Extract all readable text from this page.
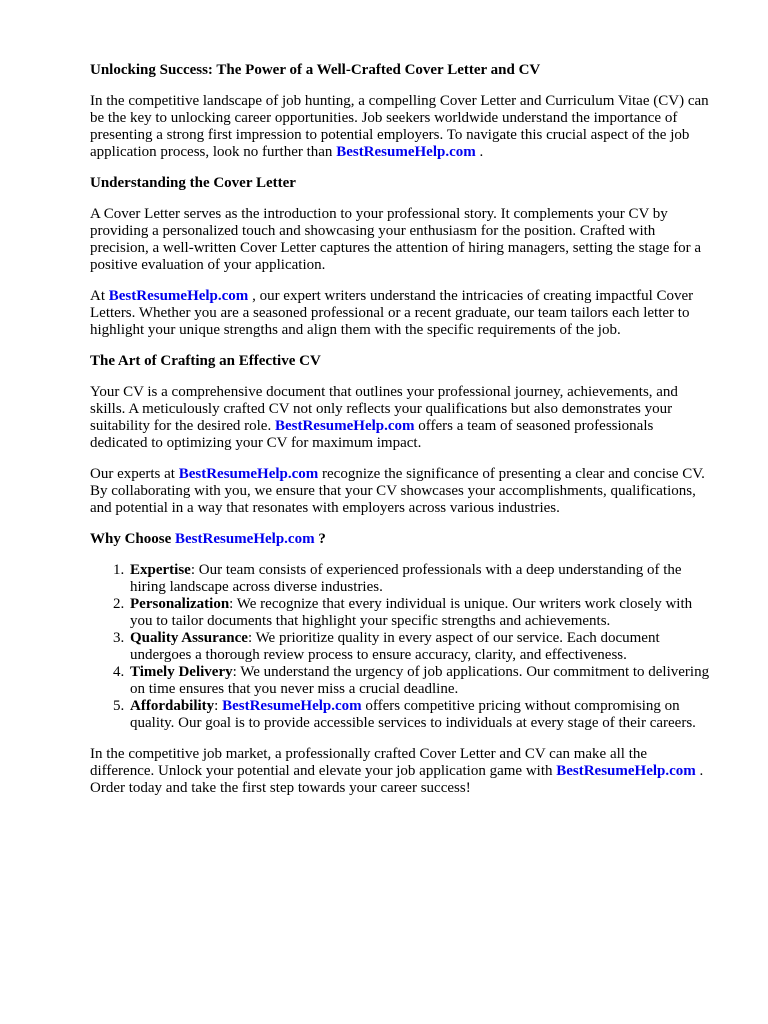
Unlocking Success: The Power of a Well-Crafted Cover Letter and CV

In the competitive landscape of job hunting, a compelling Cover Letter and Curriculum Vitae (CV) can be the key to unlocking career opportunities. Job seekers worldwide understand the importance of presenting a strong first impression to potential employers. To navigate this crucial aspect of the job application process, look no further than BestResumeHelp.com .

Understanding the Cover Letter

A Cover Letter serves as the introduction to your professional story. It complements your CV by providing a personalized touch and showcasing your enthusiasm for the position. Crafted with precision, a well-written Cover Letter captures the attention of hiring managers, setting the stage for a positive evaluation of your application.

At BestResumeHelp.com , our expert writers understand the intricacies of creating impactful Cover Letters. Whether you are a seasoned professional or a recent graduate, our team tailors each letter to highlight your unique strengths and align them with the specific requirements of the job.

The Art of Crafting an Effective CV

Your CV is a comprehensive document that outlines your professional journey, achievements, and skills. A meticulously crafted CV not only reflects your qualifications but also demonstrates your suitability for the desired role. BestResumeHelp.com offers a team of seasoned professionals dedicated to optimizing your CV for maximum impact.

Our experts at BestResumeHelp.com recognize the significance of presenting a clear and concise CV. By collaborating with you, we ensure that your CV showcases your accomplishments, qualifications, and potential in a way that resonates with employers across various industries.

Why Choose BestResumeHelp.com ?
1. Expertise: Our team consists of experienced professionals with a deep understanding of the hiring landscape across diverse industries.
2. Personalization: We recognize that every individual is unique. Our writers work closely with you to tailor documents that highlight your specific strengths and achievements.
3. Quality Assurance: We prioritize quality in every aspect of our service. Each document undergoes a thorough review process to ensure accuracy, clarity, and effectiveness.
4. Timely Delivery: We understand the urgency of job applications. Our commitment to delivering on time ensures that you never miss a crucial deadline.
5. Affordability: BestResumeHelp.com offers competitive pricing without compromising on quality. Our goal is to provide accessible services to individuals at every stage of their careers.

In the competitive job market, a professionally crafted Cover Letter and CV can make all the difference. Unlock your potential and elevate your job application game with BestResumeHelp.com . Order today and take the first step towards your career success!
